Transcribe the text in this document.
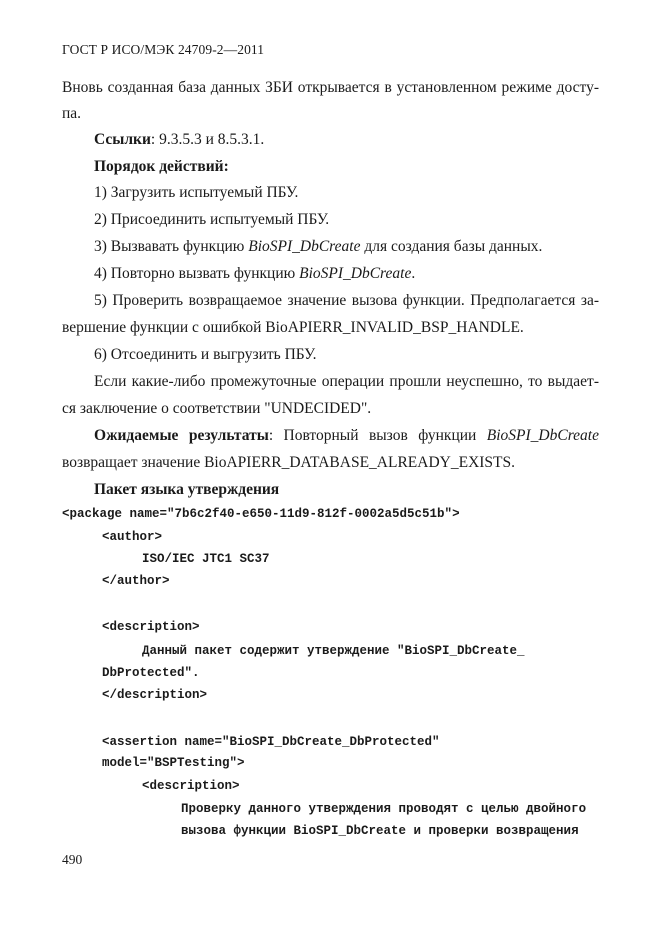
ГОСТ Р ИСО/МЭК 24709-2—2011
Вновь созданная база данных ЗБИ открывается в установленном режиме досту-
па.
Ссылки: 9.3.5.3 и 8.5.3.1.
Порядок действий:
1) Загрузить испытуемый ПБУ.
2) Присоединить испытуемый ПБУ.
3) Вызвавать функцию BioSPI_DbCreate для создания базы данных.
4) Повторно вызвать функцию BioSPI_DbCreate.
5) Проверить возвращаемое значение вызова функции. Предполагается за-
вершение функции с ошибкой BioAPIERR_INVALID_BSP_HANDLE.
6) Отсоединить и выгрузить ПБУ.
Если какие-либо промежуточные операции прошли неуспешно, то выдает-
ся заключение о соответствии "UNDECIDED".
Ожидаемые результаты: Повторный вызов функции BioSPI_DbCreate
возвращает значение BioAPIERR_DATABASE_ALREADY_EXISTS.
Пакет языка утверждения
<package name="7b6c2f40-e650-11d9-812f-0002a5d5c51b">
<author>
ISO/IEC JTC1 SC37
</author>
<description>
Данный пакет содержит утверждение "BioSPI_DbCreate_
DbProtected".
</description>
<assertion name="BioSPI_DbCreate_DbProtected"
model="BSPTesting">
<description>
Проверку данного утверждения проводят с целью двойного
вызова функции BioSPI_DbCreate и проверки возвращения
490
